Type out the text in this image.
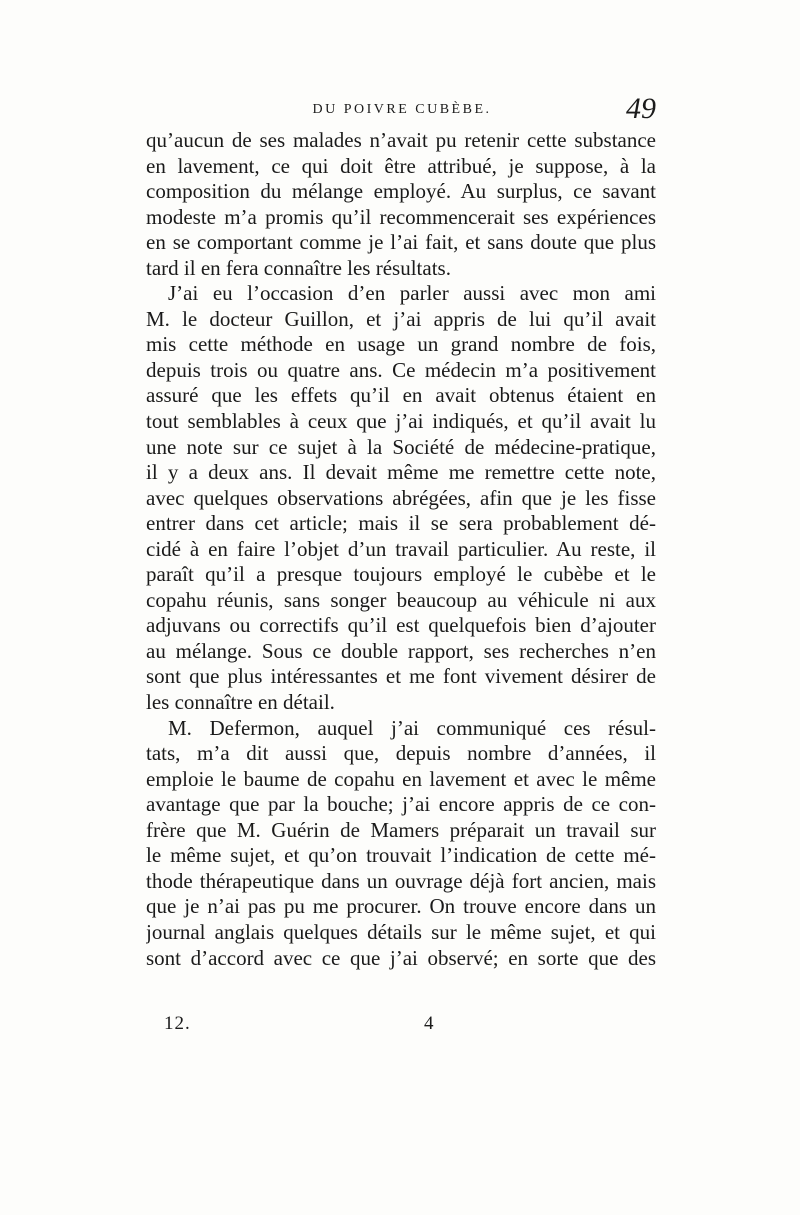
DU POIVRE CUBÈBE.	49

qu’aucun de ses malades n’avait pu retenir cette substance
en lavement, ce qui doit être attribué, je suppose, à la
composition du mélange employé. Au surplus, ce savant
modeste m’a promis qu’il recommencerait ses expériences
en se comportant comme je l’ai fait, et sans doute que plus
tard il en fera connaître les résultats.

J’ai eu l’occasion d’en parler aussi avec mon ami
M. le docteur Guillon, et j’ai appris de lui qu’il avait
mis cette méthode en usage un grand nombre de fois,
depuis trois ou quatre ans. Ce médecin m’a positivement
assuré que les effets qu’il en avait obtenus étaient en
tout semblables à ceux que j’ai indiqués, et qu’il avait lu
une note sur ce sujet à la Société de médecine-pratique,
il y a deux ans. Il devait même me remettre cette note,
avec quelques observations abrégées, afin que je les fisse
entrer dans cet article; mais il se sera probablement dé-
cidé à en faire l’objet d’un travail particulier. Au reste, il
paraît qu’il a presque toujours employé le cubèbe et le
copahu réunis, sans songer beaucoup au véhicule ni aux
adjuvans ou correctifs qu’il est quelquefois bien d’ajouter
au mélange. Sous ce double rapport, ses recherches n’en
sont que plus intéressantes et me font vivement désirer de
les connaître en détail.

M. Defermon, auquel j’ai communiqué ces résul-
tats, m’a dit aussi que, depuis nombre d’années, il
emploie le baume de copahu en lavement et avec le même
avantage que par la bouche; j’ai encore appris de ce con-
frère que M. Guérin de Mamers préparait un travail sur
le même sujet, et qu’on trouvait l’indication de cette mé-
thode thérapeutique dans un ouvrage déjà fort ancien, mais
que je n’ai pas pu me procurer. On trouve encore dans un
journal anglais quelques détails sur le même sujet, et qui
sont d’accord avec ce que j’ai observé; en sorte que des

12.	4
